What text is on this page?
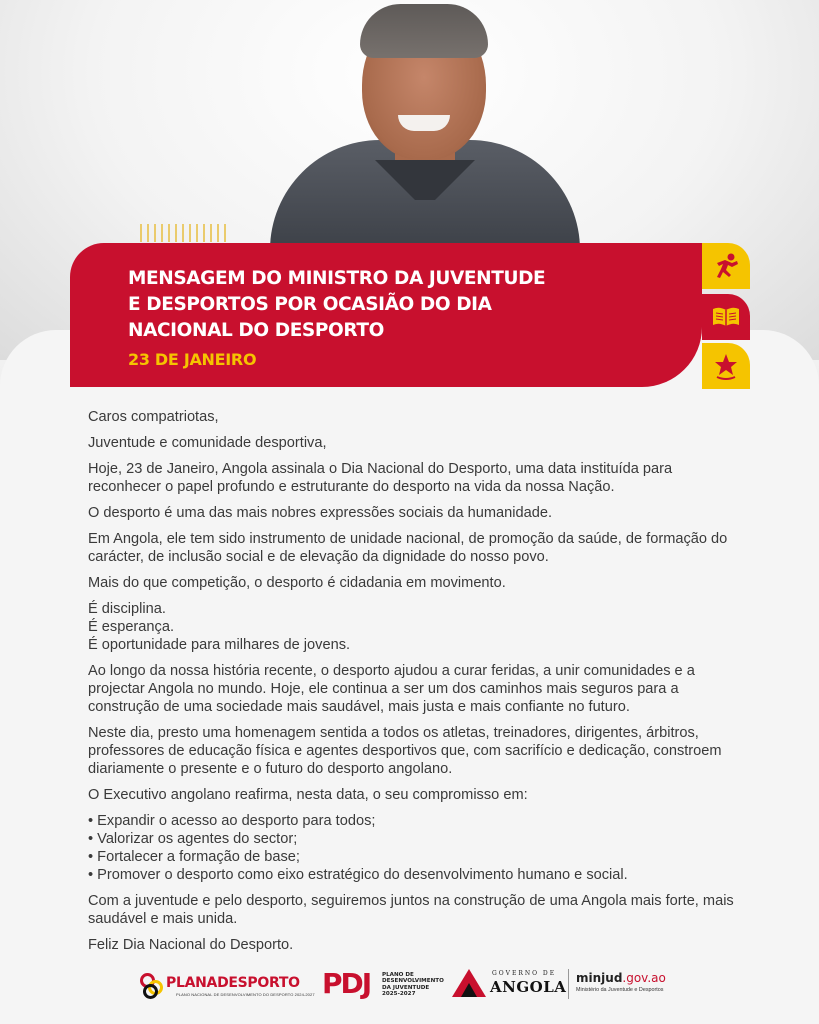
MENSAGEM DO MINISTRO DA JUVENTUDE
E DESPORTOS POR OCASIÃO DO DIA
NACIONAL DO DESPORTO
23 DE JANEIRO

Caros compatriotas,

Juventude e comunidade desportiva,

Hoje, 23 de Janeiro, Angola assinala o Dia Nacional do Desporto, uma data instituída para reconhecer o papel profundo e estruturante do desporto na vida da nossa Nação.

O desporto é uma das mais nobres expressões sociais da humanidade.

Em Angola, ele tem sido instrumento de unidade nacional, de promoção da saúde, de formação do carácter, de inclusão social e de elevação da dignidade do nosso povo.

Mais do que competição, o desporto é cidadania em movimento.

É disciplina.

É esperança.

É oportunidade para milhares de jovens.

Ao longo da nossa história recente, o desporto ajudou a curar feridas, a unir comunidades e a projectar Angola no mundo. Hoje, ele continua a ser um dos caminhos mais seguros para a construção de uma sociedade mais saudável, mais justa e mais confiante no futuro.

Neste dia, presto uma homenagem sentida a todos os atletas, treinadores, dirigentes, árbitros, professores de educação física e agentes desportivos que, com sacrifício e dedicação, constroem diariamente o presente e o futuro do desporto angolano.

O Executivo angolano reafirma, nesta data, o seu compromisso em:

• Expandir o acesso ao desporto para todos;

• Valorizar os agentes do sector;

• Fortalecer a formação de base;

• Promover o desporto como eixo estratégico do desenvolvimento humano e social.

Com a juventude e pelo desporto, seguiremos juntos na construção de uma Angola mais forte, mais saudável e mais unida.

Feliz Dia Nacional do Desporto.

PLANADESPORTO
PLANO NACIONAL DE DESENVOLVIMENTO DO DESPORTO 2024-2027 PDJ PLANO DE
DESENVOLVIMENTO
DA JUVENTUDE
2025-2027
GOVERNO DE
ANGOLA minjud.gov.ao
Ministério da Juventude e Desportos
